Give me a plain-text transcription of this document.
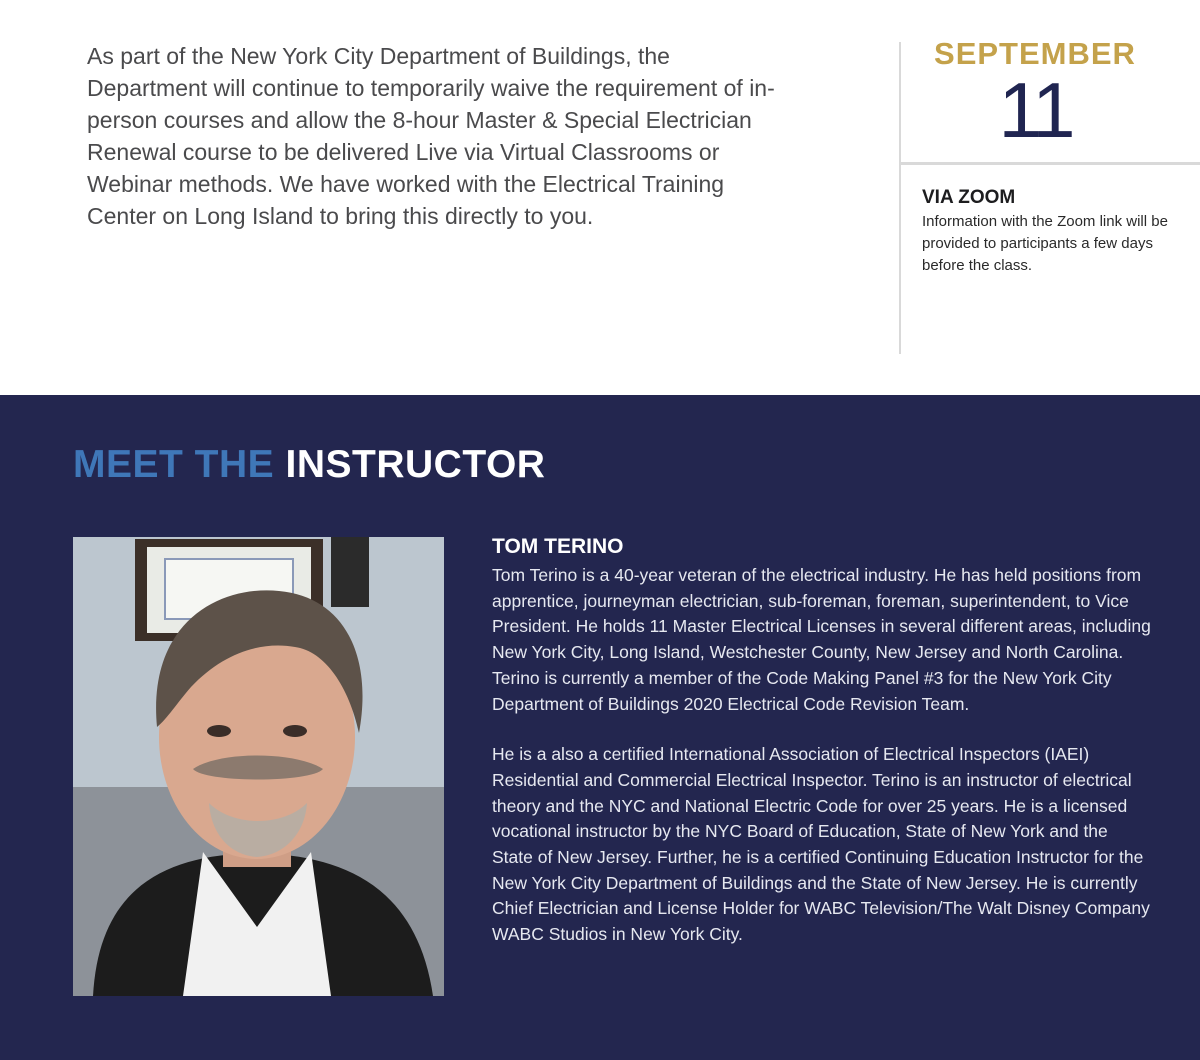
As part of the New York City Department of Buildings, the Department will continue to temporarily waive the requirement of in-person courses and allow the 8-hour Master & Special Electrician Renewal course to be delivered Live via Virtual Classrooms or Webinar methods. We have worked with the Electrical Training Center on Long Island to bring this directly to you.

SEPTEMBER
11
VIA ZOOM

Information with the Zoom link will be provided to participants a few days before the class.

MEET THE INSTRUCTOR
TOM TERINO

Tom Terino is a 40-year veteran of the electrical industry. He has held positions from apprentice, journeyman electrician, sub-foreman, foreman, superintendent, to Vice President. He holds 11 Master Electrical Licenses in several different areas, including New York City, Long Island, Westchester County, New Jersey and North Carolina. Terino is currently a member of the Code Making Panel #3 for the New York City Department of Buildings 2020 Electrical Code Revision Team.

He is a also a certified International Association of Electrical Inspectors (IAEI) Residential and Commercial Electrical Inspector. Terino is an instructor of electrical theory and the NYC and National Electric Code for over 25 years. He is a licensed vocational instructor by the NYC Board of Education, State of New York and the State of New Jersey. Further, he is a certified Continuing Education Instructor for the New York City Department of Buildings and the State of New Jersey. He is currently Chief Electrician and License Holder for WABC Television/The Walt Disney Company WABC Studios in New York City.
